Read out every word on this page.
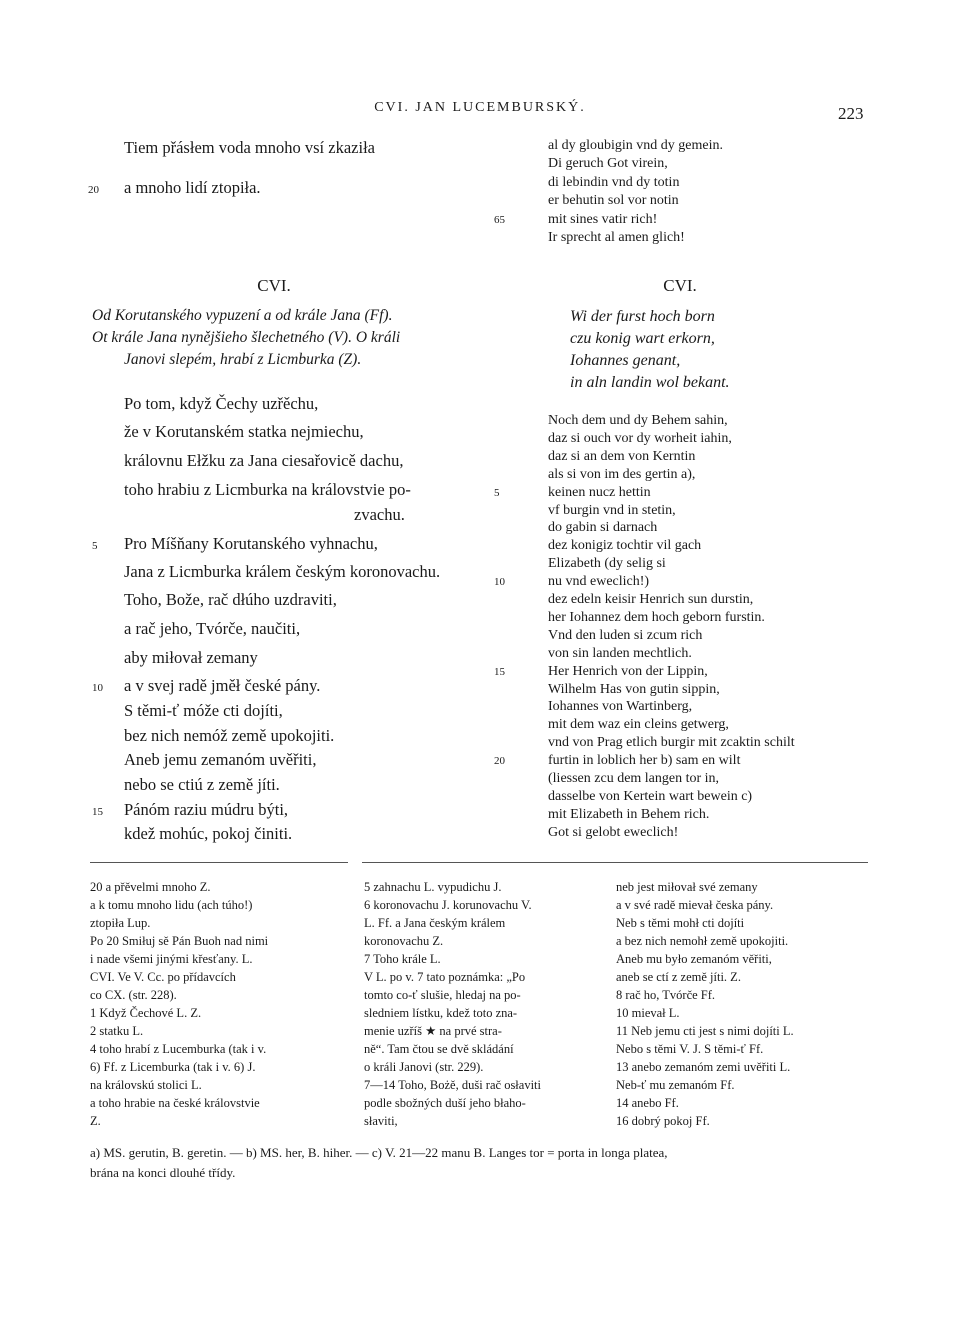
CVI. JAN LUCEMBURSKÝ.	223
Tiem přásłem voda mnoho vsí zkaziła
a mnoho lidí ztopiła.
20
al dy gloubigin vnd dy gemein.
Di geruch Got virein,
di lebindin vnd dy totin
er behutin sol vor notin
mit sines vatir rich!
65
Ir sprecht al amen glich!
CVI.	CVI.
Od Korutanského vypuzení a od krále Jana (Ff).
Ot krále Jana nynějšieho šlechetného (V). O králi
Janovi slepém, hrabí z Licmburka (Z).
Wi der furst hoch born
czu konig wart erkorn,
Iohannes genant,
in aln landin wol bekant.
Po tom, když Čechy uzřěchu,
že v Korutanském statka nejmiechu,
královnu Ełžku za Jana ciesařovicě dachu,
toho hrabiu z Licmburka na královstvie po-
zvachu.
Pro Míšňany Korutanského vyhnachu,
5
Jana z Licmburka králem českým koronovachu.
Toho, Bože, rač dłúho uzdraviti,
a rač jeho, Tvórče, naučiti,
aby miłovał zemany
a v svej radě jměł české pány.
10
S těmi-ť móže cti dojíti,
bez nich nemóž země upokojiti.
Aneb jemu zemanóm uvěřiti,
nebo se ctiú z země jíti.
Pánóm raziu múdru býti,
15
kdež mohúc, pokoj činiti.
Noch dem und dy Behem sahin,
daz si ouch vor dy worheit iahin,
daz si an dem von Kerntin
als si von im des gertin a),
keinen nucz hettin
5
vf burgin vnd in stetin,
do gabin si darnach
dez konigiz tochtir vil gach
Elizabeth (dy selig si
nu vnd eweclich!)
10
dez edeln keisir Henrich sun durstin,
her Iohannez dem hoch geborn furstin.
Vnd den luden si zcum rich
von sin landen mechtlich.
Her Henrich von der Lippin,
15
Wilhelm Has von gutin sippin,
Iohannes von Wartinberg,
mit dem waz ein cleins getwerg,
vnd von Prag etlich burgir mit zcaktin schilt
furtin in loblich her b) sam en wilt
20
(liessen zcu dem langen tor in,
dasselbe von Kertein wart bewein c)
mit Elizabeth in Behem rich.
Got si gelobt eweclich!
20 a přěvelmi mnoho Z.
a k tomu mnoho lidu (ach túho!)
ztopiła Lup.
Po 20 Smiłuj sě Pán Buoh nad nimi
i nade všemi jinými křesťany. L.
CVI. Ve V. Cc. po přídavcích
co CX. (str. 228).
1 Když Čechové L. Z.
2 statku L.
4 toho hrabí z Lucemburka (tak i v.
6) Ff. z Licemburka (tak i v. 6) J.
na královskú stolici L.
a toho hrabie na české královstvie
Z.
5 zahnachu L. vypudichu J.
6 koronovachu J. korunovachu V.
L. Ff. a Jana českým králem
koronovachu Z.
7 Toho krále L.
V L. po v. 7 tato poznámka: „Po
tomto co-ť slušie, hledaj na po-
sledniem lístku, kdež toto zna-
menie uzříš ★ na prvé stra-
ně“. Tam čtou se dvě skládání
o králi Janovi (str. 229).
7—14 Toho, Bożě, duši rač osłaviti
podle sbožných duší jeho błaho-
słaviti,
neb jest miłovał své zemany
a v své radě mievał česka pány.
Neb s těmi mohł cti dojíti
a bez nich nemohł země upokojiti.
Aneb mu było zemanóm věřiti,
aneb se ctí z země jíti. Z.
8 rač ho, Tvórče Ff.
10 mievał L.
11 Neb jemu cti jest s nimi dojíti L.
Nebo s těmi V. J. S těmi-ť Ff.
13 anebo zemanóm zemi uvěřiti L.
Neb-ť mu zemanóm Ff.
14 anebo Ff.
16 dobrý pokoj Ff.
a) MS. gerutin, B. geretin. — b) MS. her, B. hiher. — c) V. 21—22 manu B. Langes tor = porta in longa platea,
brána na konci dlouhé třídy.
